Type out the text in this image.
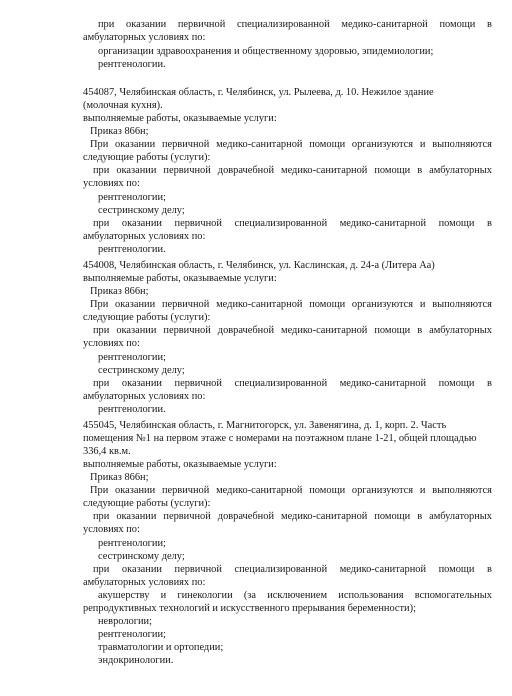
при оказании первичной специализированной медико-санитарной помощи в
амбулаторных условиях по:
организации здравоохранения и общественному здоровью, эпидемиологии;
рентгенологии.
454087, Челябинская область, г. Челябинск, ул. Рылеева, д. 10. Нежилое здание
(молочная кухня).
выполняемые работы, оказываемые услуги:
Приказ 866н;
При оказании первичной медико-санитарной помощи организуются и выполняются
следующие работы (услуги):
при оказании первичной доврачебной медико-санитарной помощи в амбулаторных
условиях по:
рентгенологии;
сестринскому делу;
при оказании первичной специализированной медико-санитарной помощи в
амбулаторных условиях по:
рентгенологии.
454008, Челябинская область, г. Челябинск, ул. Каслинская, д. 24-а (Литера Аа)
выполняемые работы, оказываемые услуги:
Приказ 866н;
При оказании первичной медико-санитарной помощи организуются и выполняются
следующие работы (услуги):
при оказании первичной доврачебной медико-санитарной помощи в амбулаторных
условиях по:
рентгенологии;
сестринскому делу;
при оказании первичной специализированной медико-санитарной помощи в
амбулаторных условиях по:
рентгенологии.
455045, Челябинская область, г. Магнитогорск, ул. Завенягина, д. 1, корп. 2. Часть
помещения №1 на первом этаже с номерами на поэтажном плане 1-21, общей площадью
336,4 кв.м.
выполняемые работы, оказываемые услуги:
Приказ 866н;
При оказании первичной медико-санитарной помощи организуются и выполняются
следующие работы (услуги):
при оказании первичной доврачебной медико-санитарной помощи в амбулаторных
условиях по:
рентгенологии;
сестринскому делу;
при оказании первичной специализированной медико-санитарной помощи в
амбулаторных условиях по:
акушерству и гинекологии (за исключением использования вспомогательных
репродуктивных технологий и искусственного прерывания беременности);
неврологии;
рентгенологии;
травматологии и ортопедии;
эндокринологии.
